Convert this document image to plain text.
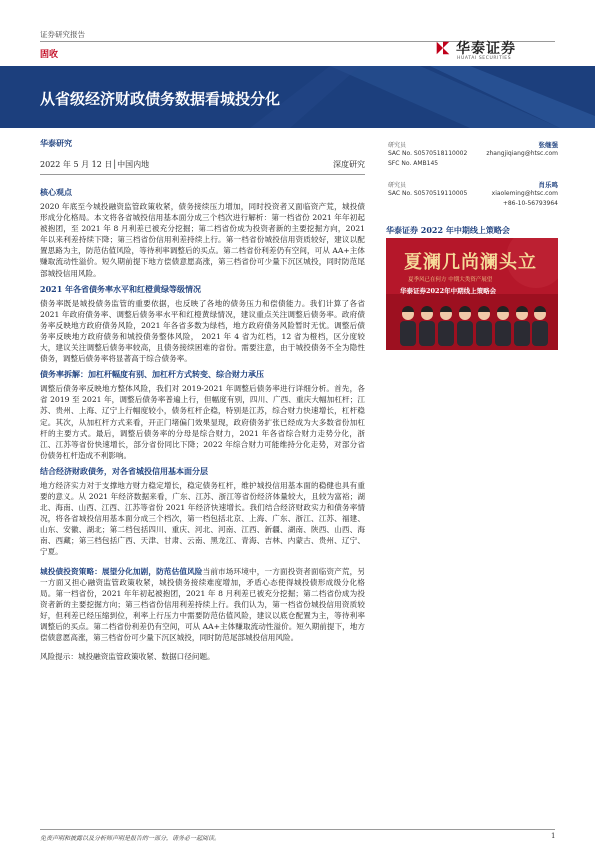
证券研究报告
固收	华泰证券
HUATAI SECURITIES
从省级经济财政债务数据看城投分化
华泰研究
2022 年 5 月 12 日│中国内地	深度研究
核心观点
2020 年底至今城投融资监管政策收紧，债务接续压力增加，同时投资者又面临资产荒，城投债形成分化格局。本文将各省城投信用基本面分成三个档次进行解析：第一档省份 2021 年年初起被抱团，至 2021 年 8 月利差已被充分挖掘；第二档省份成为投资者新的主要挖掘方向，2021 年以来利差持续下降；第三档省份信用利差持续上行。第一档省份城投信用资质较好，建议以配置思路为主，防范估值风险，等待利率调整后的买点。第二档省份利差仍有空间，可从 AA+主体赚取流动性溢价。短久期前提下地方偿债意愿高涨，第三档省份可少量下沉区城投，同时防范尾部城投信用风险。
2021 年各省债务率水平和红橙黄绿等级情况
债务率既是城投债务监管的重要依据，也反映了各地的债务压力和偿债能力。我们计算了各省 2021 年政府债务率、调整后债务率水平和红橙黄绿情况，建议重点关注调整后债务率。政府债务率反映地方政府债务风险，2021 年各省多数为绿档，地方政府债务风险暂时无忧。调整后债务率反映地方政府债务和城投债务整体风险， 2021 年 4 省为红档，12 省为橙档，区分度较大，建议关注调整后债务率较高，且债务接续困难的省份。需要注意，由于城投债务不全为隐性债务，调整后债务率将显著高于综合债务率。
债务率拆解：加杠杆幅度有别、加杠杆方式转变、综合财力承压
调整后债务率反映地方整体风险，我们对 2019-2021 年调整后债务率进行详细分析。首先，各省 2019 至 2021 年，调整后债务率普遍上行，但幅度有别，四川、广西、重庆大幅加杠杆；江苏、贵州、上海、辽宁上行幅度较小，债务杠杆企稳，特别是江苏，综合财力快速增长，杠杆稳定。其次，从加杠杆方式来看，开正门堵偏门效果显现，政府债务扩张已经成为大多数省份加杠杆的主要方式。最后，调整后债务率的分母是综合财力，2021 年各省综合财力走势分化，浙江、江苏等省份快速增长，部分省份同比下降；2022 年综合财力可能维持分化走势，对部分省份债务杠杆造成不利影响。
结合经济财政债务，对各省城投信用基本面分层
地方经济实力对于支撑地方财力稳定增长，稳定债务杠杆，维护城投信用基本面的稳健也具有重要的意义。从 2021 年经济数据来看，广东、江苏、浙江等省份经济体量较大，且较为富裕；湖北、海南、山西、江西、江苏等省份 2021 年经济快速增长。我们结合经济财政实力和债务率情况，将各省城投信用基本面分成三个档次，第一档包括北京、上海、广东、浙江、江苏、福建、山东、安徽、湖北；第二档包括四川、重庆、河北、河南、江西、新疆、湖南、陕西、山西、海南、西藏；第三档包括广西、天津、甘肃、云南、黑龙江、青海、吉林、内蒙古、贵州、辽宁、宁夏。
城投债投资策略：展望分化加剧，防范估值风险当前市场环境中，一方面投资者面临资产荒，另一方面又担心融资监管政策收紧，城投债务接续难度增加，矛盾心态使得城投债形成级分化格局。第一档省份，2021 年年初起被抱团，2021 年 8 月利差已被充分挖掘；第二档省份成为投资者新的主要挖掘方向；第三档省份信用利差持续上行。我们认为，第一档省份城投信用资质较好，但利差已经压缩到位，利率上行压力中需要防范估值风险，建议以底仓配置为主，等待利率调整后的买点。第二档省份利差仍有空间，可从 AA+主体赚取流动性溢价。短久期前提下，地方偿债意愿高涨，第三档省份可少量下沉区城投，同时防范尾部城投信用风险。
风险提示：城投融资监管政策收紧、数据口径问题。
研究员	张继强
SAC No. S0570518110002	zhangjiqiang@htsc.com
SFC No. AMB145
研究员	肖乐鸣
SAC No. S0570519110005	xiaoleming@htsc.com
+86-10-56793964
华泰证券 2022 年中期线上策略会
夏澜几尚澜头立
夏季风已在何方 中期大类资产展望
华泰证券2022年中期线上策略会
免责声明和披露以及分析师声明是报告的一部分，请务必一起阅读。	1
